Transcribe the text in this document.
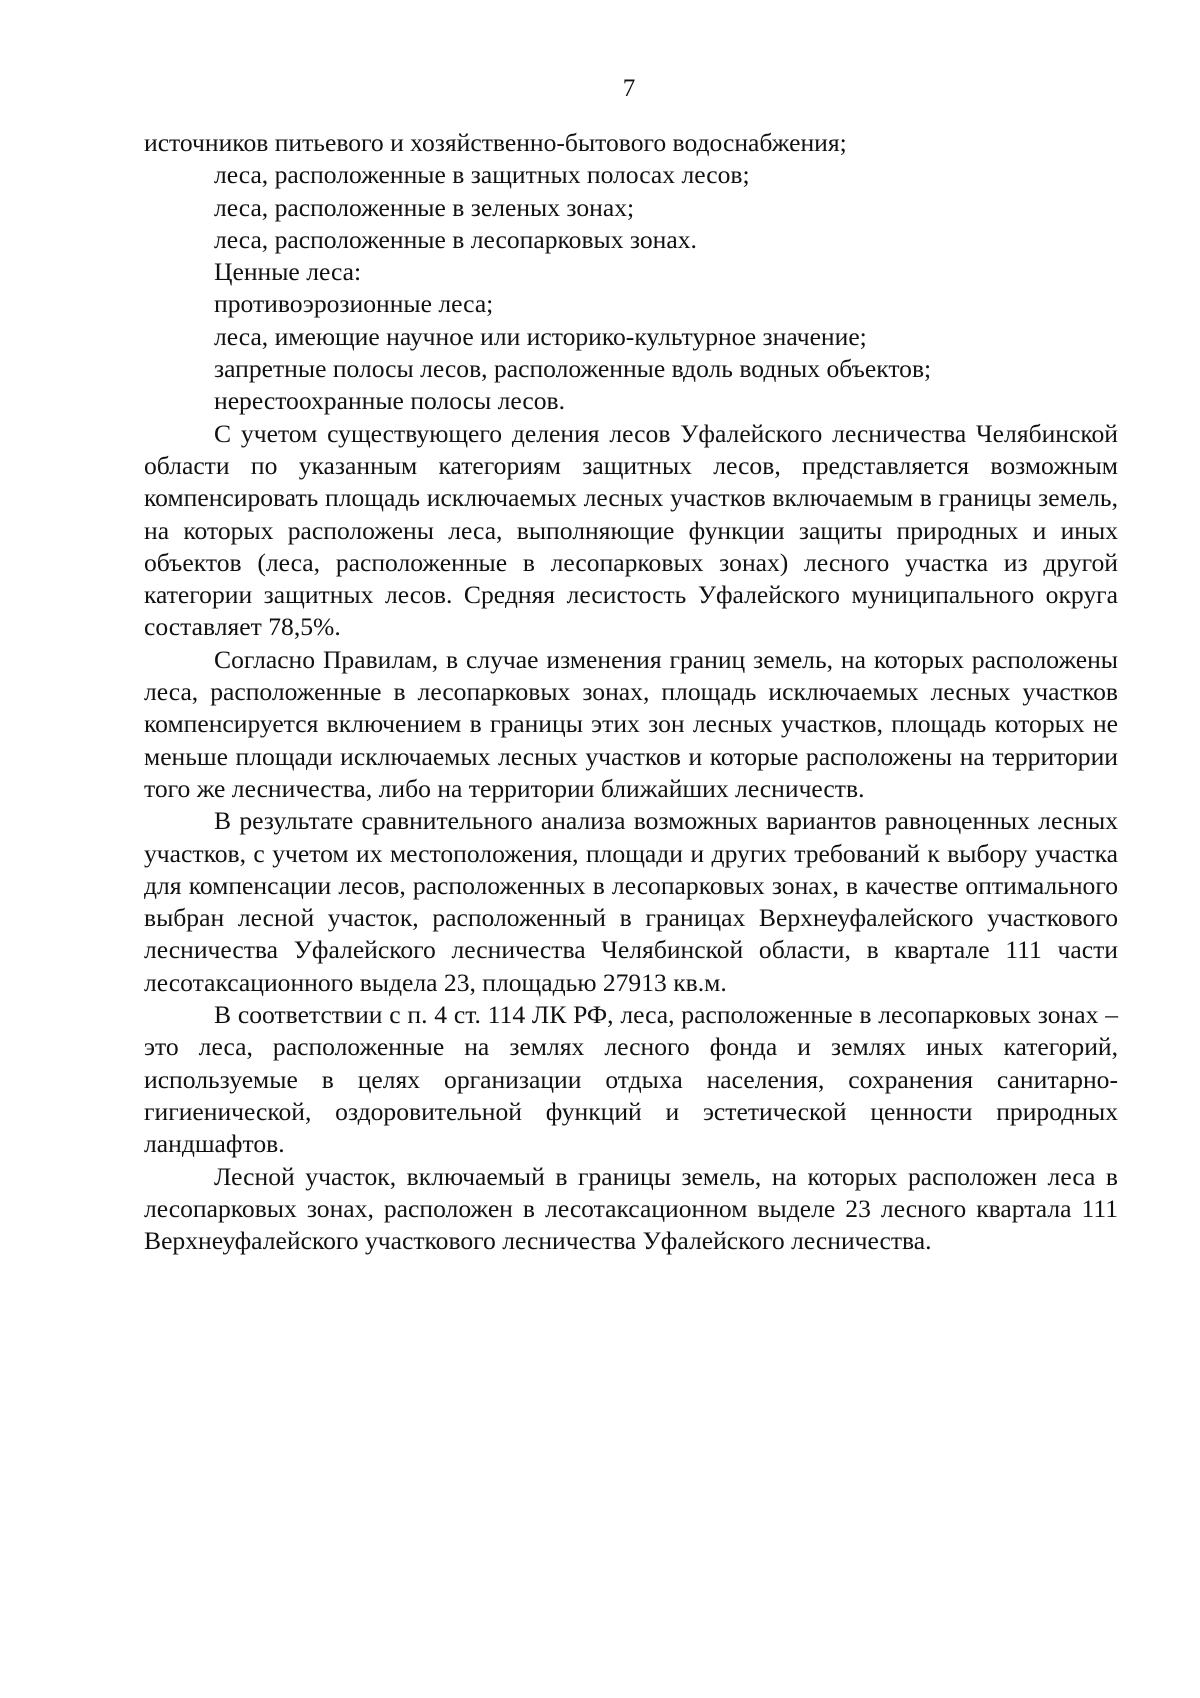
7

источников питьевого и хозяйственно-бытового водоснабжения;

леса, расположенные в защитных полосах лесов;

леса, расположенные в зеленых зонах;

леса, расположенные в лесопарковых зонах.

Ценные леса:

противоэрозионные леса;

леса, имеющие научное или историко-культурное значение;

запретные полосы лесов, расположенные вдоль водных объектов;

нерестоохранные полосы лесов.

С учетом существующего деления лесов Уфалейского лесничества Челябинской области по указанным категориям защитных лесов, представляется возможным компенсировать площадь исключаемых лесных участков включаемым в границы земель, на которых расположены леса, выполняющие функции защиты природных и иных объектов (леса, расположенные в лесопарковых зонах) лесного участка из другой категории защитных лесов. Средняя лесистость Уфалейского муниципального округа составляет 78,5%.

Согласно Правилам, в случае изменения границ земель, на которых расположены леса, расположенные в лесопарковых зонах, площадь исключаемых лесных участков компенсируется включением в границы этих зон лесных участков, площадь которых не меньше площади исключаемых лесных участков и которые расположены на территории того же лесничества, либо на территории ближайших лесничеств.

В результате сравнительного анализа возможных вариантов равноценных лесных участков, с учетом их местоположения, площади и других требований к выбору участка для компенсации лесов, расположенных в лесопарковых зонах, в качестве оптимального выбран лесной участок, расположенный в границах Верхнеуфалейского участкового лесничества Уфалейского лесничества Челябинской области, в квартале 111 части лесотаксационного выдела 23, площадью 27913 кв.м.

В соответствии с п. 4 ст. 114 ЛК РФ, леса, расположенные в лесопарковых зонах – это леса, расположенные на землях лесного фонда и землях иных категорий, используемые в целях организации отдыха населения, сохранения санитарно-гигиенической, оздоровительной функций и эстетической ценности природных ландшафтов.

Лесной участок, включаемый в границы земель, на которых расположен леса в лесопарковых зонах, расположен в лесотаксационном выделе 23 лесного квартала 111 Верхнеуфалейского участкового лесничества Уфалейского лесничества.
